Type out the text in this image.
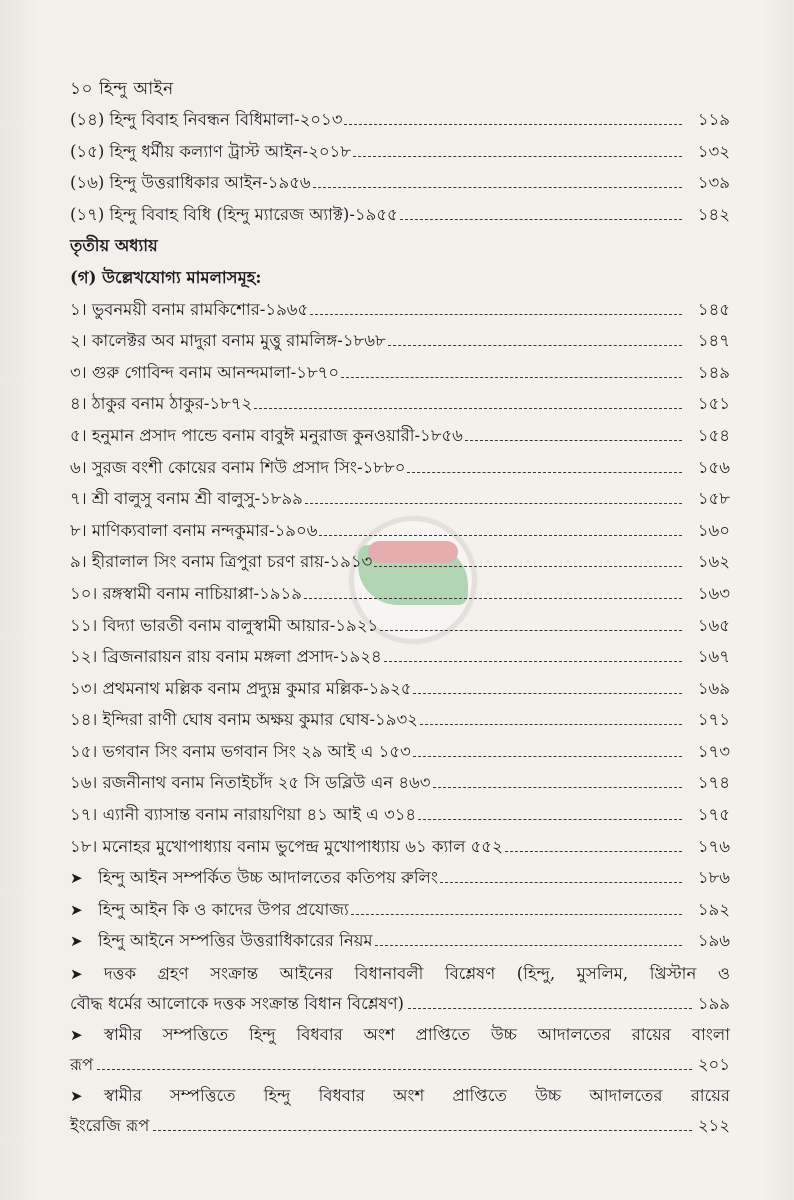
১০ হিন্দু আইন
(১৪) হিন্দু বিবাহ নিবন্ধন বিধিমালা-২০১৩	১১৯
(১৫) হিন্দু ধর্মীয় কল্যাণ ট্রাস্ট আইন-২০১৮	১৩২
(১৬) হিন্দু উত্তরাধিকার আইন-১৯৫৬	১৩৯
(১৭) হিন্দু বিবাহ বিধি (হিন্দু ম্যারেজ অ্যাক্ট)-১৯৫৫	১৪২
তৃতীয় অধ্যায়
(গ) উল্লেখযোগ্য মামলাসমূহ:
১। ভুবনময়ী বনাম রামকিশোর-১৯৬৫	১৪৫
২। কালেক্টর অব মাদুরা বনাম মুত্তু রামলিঙ্গ-১৮৬৮	১৪৭
৩। গুরু গোবিন্দ বনাম আনন্দমালা-১৮৭০	১৪৯
৪। ঠাকুর বনাম ঠাকুর-১৮৭২	১৫১
৫। হনুমান প্রসাদ পান্ডে বনাম বাবুঈ মনুরাজ কুনওয়ারী-১৮৫৬	১৫৪
৬। সুরজ বংশী কোয়ের বনাম শিউ প্রসাদ সিং-১৮৮০	১৫৬
৭। শ্রী বালুসু বনাম শ্রী বালুসু-১৮৯৯	১৫৮
৮। মাণিক্যবালা বনাম নন্দকুমার-১৯০৬	১৬০
৯। হীরালাল সিং বনাম ত্রিপুরা চরণ রায়-১৯১৩	১৬২
১০। রঙ্গস্বামী বনাম নাচিয়াপ্পা-১৯১৯	১৬৩
১১। বিদ্যা ভারতী বনাম বালুস্বামী আয়ার-১৯২১	১৬৫
১২। ব্রিজনারায়ন রায় বনাম মঙ্গলা প্রসাদ-১৯২৪	১৬৭
১৩। প্রথমনাথ মল্লিক বনাম প্রদ্যুম্ন কুমার মল্লিক-১৯২৫	১৬৯
১৪। ইন্দিরা রাণী ঘোষ বনাম অক্ষয় কুমার ঘোষ-১৯৩২	১৭১
১৫। ভগবান সিং বনাম ভগবান সিং ২৯ আই এ ১৫৩	১৭৩
১৬। রজনীনাথ বনাম নিতাইচাঁদ ২৫ সি ডব্লিউ এন ৪৬৩	১৭৪
১৭। এ্যানী ব্যাসান্ত বনাম নারায়ণিয়া ৪১ আই এ ৩১৪	১৭৫
১৮। মনোহর মুখোপাধ্যায় বনাম ভুপেন্দ্র মুখোপাধ্যায় ৬১ ক্যাল ৫৫২	১৭৬
➤ হিন্দু আইন সম্পর্কিত উচ্চ আদালতের কতিপয় রুলিং	১৮৬
➤ হিন্দু আইন কি ও কাদের উপর প্রযোজ্য	১৯২
➤ হিন্দু আইনে সম্পত্তির উত্তরাধিকারের নিয়ম	১৯৬
➤ দত্তক গ্রহণ সংক্রান্ত আইনের বিধানাবলী বিশ্লেষণ (হিন্দু, মুসলিম, খ্রিস্টান ও
বৌদ্ধ ধর্মের আলোকে দত্তক সংক্রান্ত বিধান বিশ্লেষণ)	১৯৯
➤ স্বামীর সম্পত্তিতে হিন্দু বিধবার অংশ প্রাপ্তিতে উচ্চ আদালতের রায়ের বাংলা
রূপ	২০১
➤ স্বামীর সম্পত্তিতে হিন্দু বিধবার অংশ প্রাপ্তিতে উচ্চ আদালতের রায়ের
ইংরেজি রূপ	২১২
